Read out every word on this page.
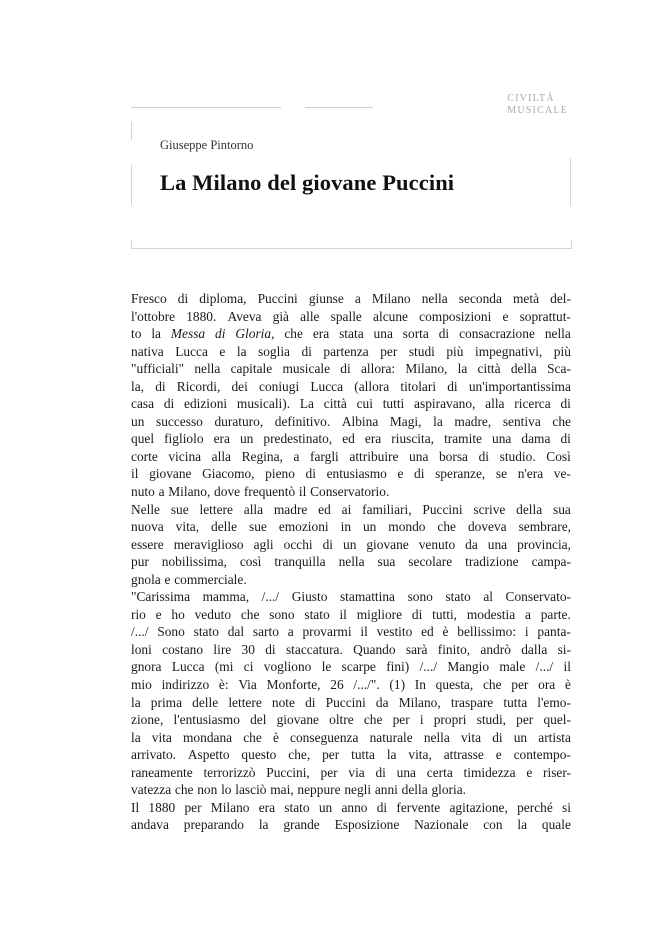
CIVILTÀ
MUSICALE
Giuseppe Pintorno
La Milano del giovane Puccini
Fresco di diploma, Puccini giunse a Milano nella seconda metà del-
l'ottobre 1880. Aveva già alle spalle alcune composizioni e soprattut-
to la Messa di Gloria, che era stata una sorta di consacrazione nella
nativa Lucca e la soglia di partenza per studi più impegnativi, più
"ufficiali" nella capitale musicale di allora: Milano, la città della Sca-
la, di Ricordi, dei coniugi Lucca (allora titolari di un'importantissima
casa di edizioni musicali). La città cui tutti aspiravano, alla ricerca di
un successo duraturo, definitivo. Albina Magi, la madre, sentiva che
quel figliolo era un predestinato, ed era riuscita, tramite una dama di
corte vicina alla Regina, a fargli attribuire una borsa di studio. Così
il giovane Giacomo, pieno di entusiasmo e di speranze, se n'era ve-
nuto a Milano, dove frequentò il Conservatorio.
Nelle sue lettere alla madre ed ai familiari, Puccini scrive della sua
nuova vita, delle sue emozioni in un mondo che doveva sembrare,
essere meraviglioso agli occhi di un giovane venuto da una provincia,
pur nobilissima, così tranquilla nella sua secolare tradizione campa-
gnola e commerciale.
"Carissima mamma, /.../ Giusto stamattina sono stato al Conservato-
rio e ho veduto che sono stato il migliore di tutti, modestia a parte.
/.../ Sono stato dal sarto a provarmi il vestito ed è bellissimo: i panta-
loni costano lire 30 di staccatura. Quando sarà finito, andrò dalla si-
gnora Lucca (mi ci vogliono le scarpe fini) /.../ Mangio male /.../ il
mio indirizzo è: Via Monforte, 26 /.../". (1) In questa, che per ora è
la prima delle lettere note di Puccini da Milano, traspare tutta l'emo-
zione, l'entusiasmo del giovane oltre che per i propri studi, per quel-
la vita mondana che è conseguenza naturale nella vita di un artista
arrivato. Aspetto questo che, per tutta la vita, attrasse e contempo-
raneamente terrorizzò Puccini, per via di una certa timidezza e riser-
vatezza che non lo lasciò mai, neppure negli anni della gloria.
Il 1880 per Milano era stato un anno di fervente agitazione, perché si
andava preparando la grande Esposizione Nazionale con la quale
